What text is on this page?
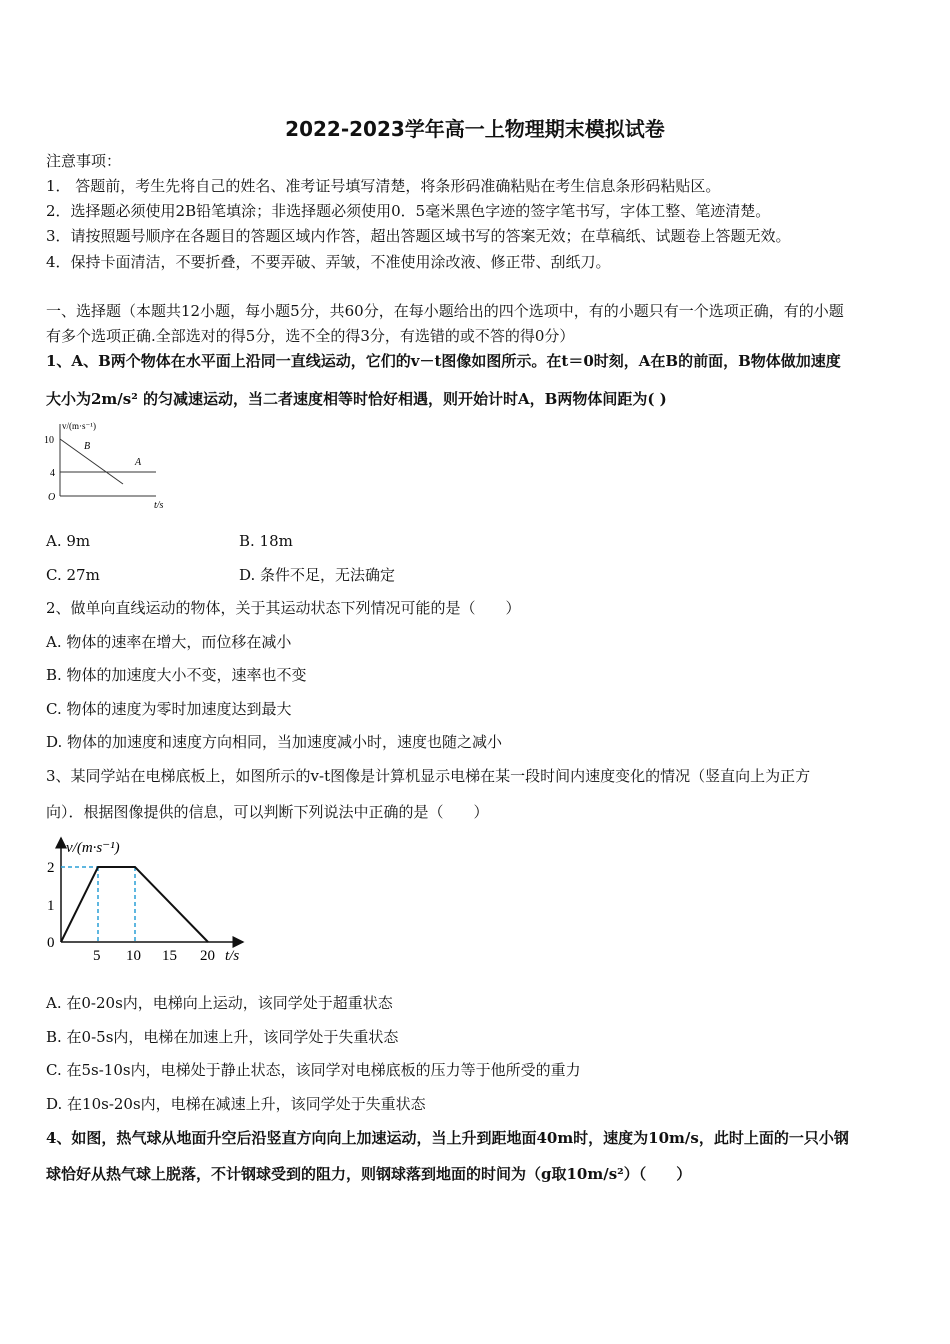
2022-2023学年高一上物理期末模拟试卷
注意事项：
1． 答题前，考生先将自己的姓名、准考证号填写清楚，将条形码准确粘贴在考生信息条形码粘贴区。
2．选择题必须使用2B铅笔填涂；非选择题必须使用0．5毫米黑色字迹的签字笔书写，字体工整、笔迹清楚。
3．请按照题号顺序在各题目的答题区域内作答，超出答题区域书写的答案无效；在草稿纸、试题卷上答题无效。
4．保持卡面清洁，不要折叠，不要弄破、弄皱，不准使用涂改液、修正带、刮纸刀。
一、选择题（本题共12小题，每小题5分，共60分，在每小题给出的四个选项中，有的小题只有一个选项正确，有的小题
有多个选项正确.全部选对的得5分，选不全的得3分，有选错的或不答的得0分）
1、A、B两个物体在水平面上沿同一直线运动，它们的v－t图像如图所示。在t＝0时刻，A在B的前面，B物体做加速度
大小为2m/s² 的匀减速运动，当二者速度相等时恰好相遇，则开始计时A，B两物体间距为( )
v/(m·s⁻¹)
10
4
O
B
A
t/s
A. 9m	B. 18m
C. 27m	D. 条件不足，无法确定
2、做单向直线运动的物体，关于其运动状态下列情况可能的是（　　）
A. 物体的速率在增大，而位移在减小
B. 物体的加速度大小不变，速率也不变
C. 物体的速度为零时加速度达到最大
D. 物体的加速度和速度方向相同，当加速度减小时，速度也随之减小
3、某同学站在电梯底板上，如图所示的v-t图像是计算机显示电梯在某一段时间内速度变化的情况（竖直向上为正方
向）．根据图像提供的信息，可以判断下列说法中正确的是（　　）
v/(m·s⁻¹)
2
1
0
5 10 15 20 t/s
A. 在0-20s内，电梯向上运动，该同学处于超重状态
B. 在0-5s内，电梯在加速上升，该同学处于失重状态
C. 在5s-10s内，电梯处于静止状态，该同学对电梯底板的压力等于他所受的重力
D. 在10s-20s内，电梯在减速上升，该同学处于失重状态
4、如图，热气球从地面升空后沿竖直方向向上加速运动，当上升到距地面40m时，速度为10m/s，此时上面的一只小钢
球恰好从热气球上脱落，不计钢球受到的阻力，则钢球落到地面的时间为（g取10m/s²）（　　）
